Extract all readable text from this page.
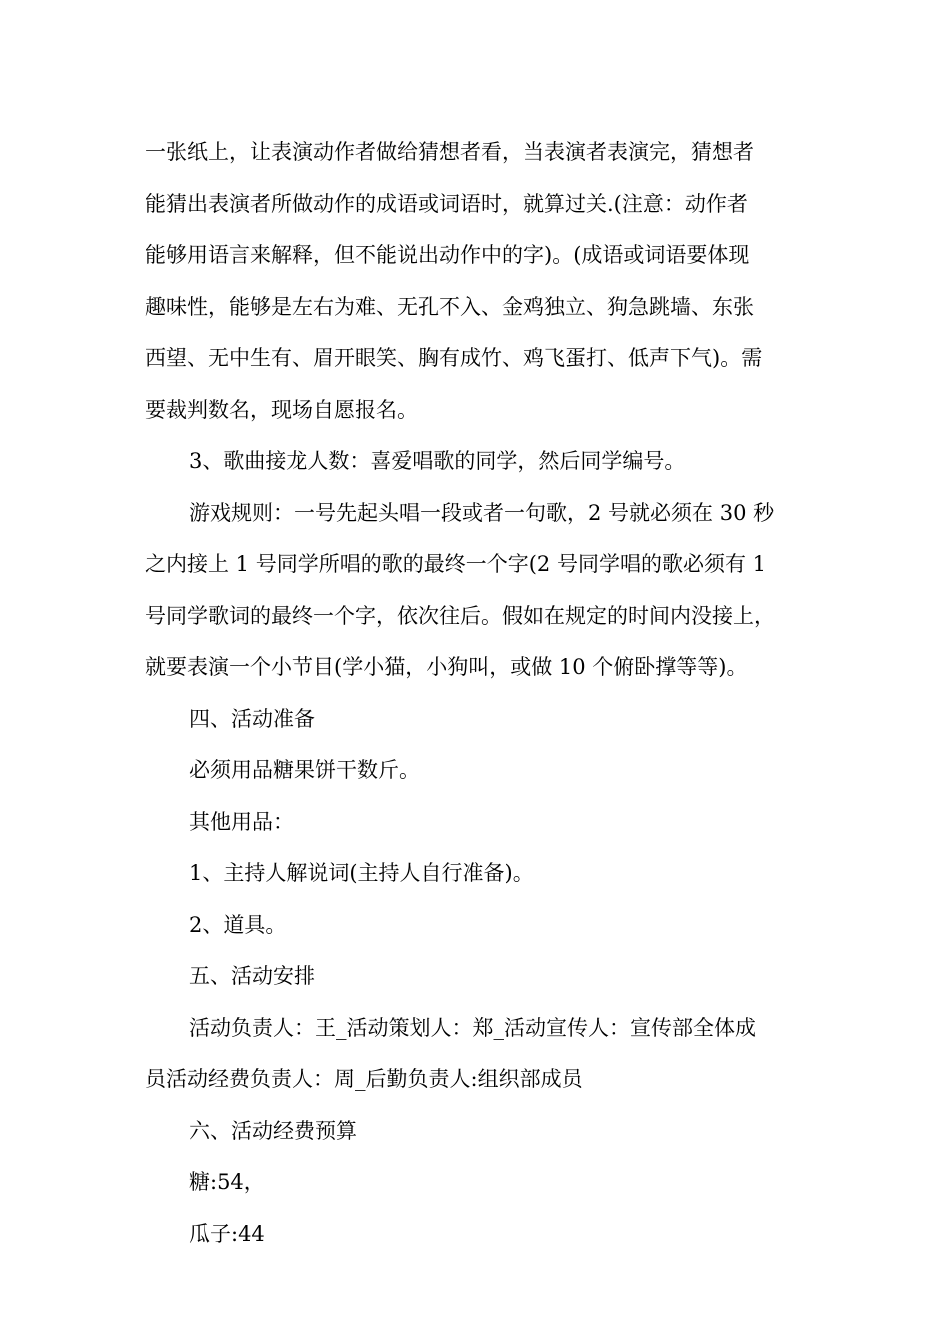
一张纸上，让表演动作者做给猜想者看，当表演者表演完，猜想者
能猜出表演者所做动作的成语或词语时，就算过关.(注意：动作者
能够用语言来解释，但不能说出动作中的字)。(成语或词语要体现
趣味性，能够是左右为难、无孔不入、金鸡独立、狗急跳墙、东张
西望、无中生有、眉开眼笑、胸有成竹、鸡飞蛋打、低声下气)。需
要裁判数名，现场自愿报名。
3、歌曲接龙人数：喜爱唱歌的同学，然后同学编号。
游戏规则：一号先起头唱一段或者一句歌，2 号就必须在 30 秒
之内接上 1 号同学所唱的歌的最终一个字(2 号同学唱的歌必须有 1
号同学歌词的最终一个字，依次往后。假如在规定的时间内没接上，
就要表演一个小节目(学小猫，小狗叫，或做 10 个俯卧撑等等)。
四、活动准备
必须用品糖果饼干数斤。
其他用品：
1、主持人解说词(主持人自行准备)。
2、道具。
五、活动安排
活动负责人：王_活动策划人：郑_活动宣传人：宣传部全体成
员活动经费负责人：周_后勤负责人:组织部成员
六、活动经费预算
糖:54，
瓜子:44
